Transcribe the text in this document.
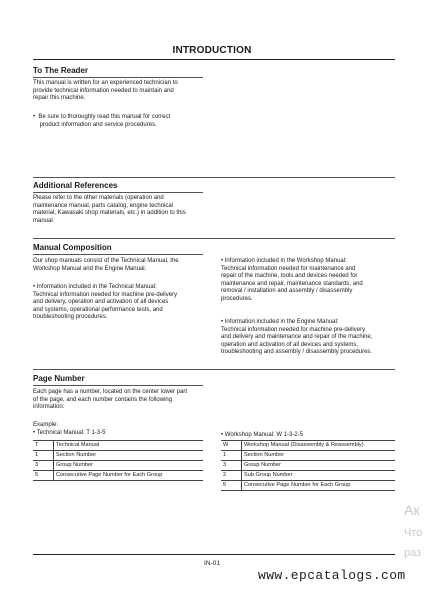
INTRODUCTION
To The Reader
This manual is written for an experienced technician to
provide technical information needed to maintain and
repair this machine.
•  Be sure to thoroughly read this manual for correct
product information and service procedures.
Additional References
Please refer to the other materials (operation and
maintenance manual, parts catalog, engine technical
material, Kawasaki shop materials, etc.) in addition to this
manual.
Manual Composition
Our shop manuals consist of the Technical Manual, the
Workshop Manual and the Engine Manual.
• Information included in the Technical Manual:
Technical information needed for machine pre-delivery
and delivery, operation and activation of all devices
and systems, operational performance tests, and
troubleshooting procedures.
• Information included in the Workshop Manual:
Technical information needed for maintenance and
repair of the machine, tools and devices needed for
maintenance and repair, maintenance standards, and
removal / installation and assembly / disassembly
procedures.
• Information included in the Engine Manual:
Technical information needed for machine pre-delivery
and delivery and maintenance and repair of the machine,
operation and activation of all devices and systems,
troubleshooting and assembly / disassembly procedures.
Page Number
Each page has a number, located on the center lower part
of the page, and each number contains the following
information:
Example:
• Technical Manual: T 1-3-5	• Workshop Manual: W 1-3-2-5
T	Technical Manual
1	Section Number
3	Group Number
5	Consecutive Page Number for Each Group
W	Workshop Manual (Disassembly & Reassembly)
1	Section Number
3	Group Number
2	Sub Group Number
5	Consecutive Page Number for Each Group
IN-01
www.epcatalogs.com
Ак
Что
раз
